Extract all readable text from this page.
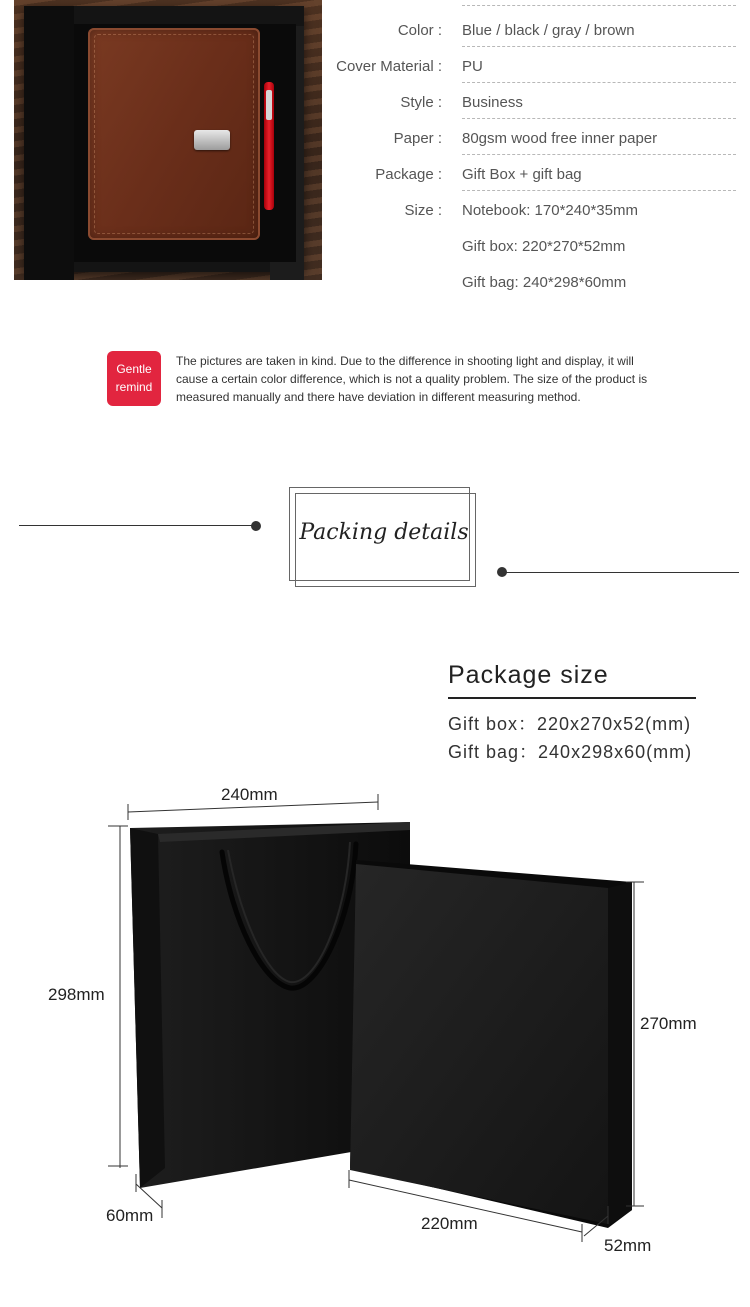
Color : Blue / black / gray / brown
Cover Material : PU
Style : Business
Paper : 80gsm wood free inner paper
Package : Gift Box + gift bag
Size : Notebook: 170*240*35mm
Gift box: 220*270*52mm
Gift bag: 240*298*60mm
Gentle
remind

The pictures are taken in kind. Due to the difference in shooting light and display, it will cause a certain color difference, which is not a quality problem. The size of the product is measured manually and there have deviation in different measuring method.

Packing details
Package size
Gift box：220x270x52(mm)
Gift bag：240x298x60(mm)
240mm
298mm
60mm
270mm
220mm
52mm
